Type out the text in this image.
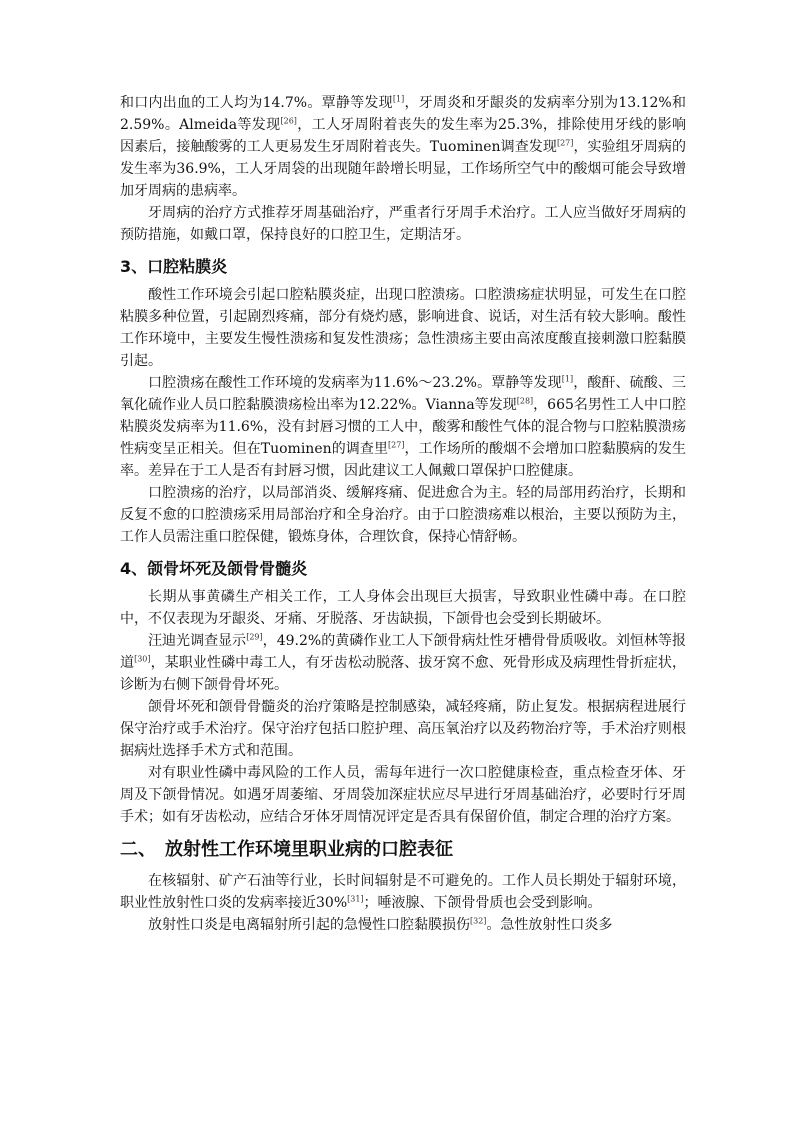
和口内出血的工人均为14.7%。覃静等发现[1]，牙周炎和牙龈炎的发病率分别为13.12%和2.59%。Almeida等发现[26]，工人牙周附着丧失的发生率为25.3%，排除使用牙线的影响因素后，接触酸雾的工人更易发生牙周附着丧失。Tuominen调查发现[27]，实验组牙周病的发生率为36.9%，工人牙周袋的出现随年龄增长明显，工作场所空气中的酸烟可能会导致增加牙周病的患病率。

牙周病的治疗方式推荐牙周基础治疗，严重者行牙周手术治疗。工人应当做好牙周病的预防措施，如戴口罩，保持良好的口腔卫生，定期洁牙。

3、口腔粘膜炎

酸性工作环境会引起口腔粘膜炎症，出现口腔溃疡。口腔溃疡症状明显，可发生在口腔粘膜多种位置，引起剧烈疼痛，部分有烧灼感，影响进食、说话，对生活有较大影响。酸性工作环境中，主要发生慢性溃疡和复发性溃疡；急性溃疡主要由高浓度酸直接刺激口腔黏膜引起。

口腔溃疡在酸性工作环境的发病率为11.6%～23.2%。覃静等发现[1]，酸酐、硫酸、三氧化硫作业人员口腔黏膜溃疡检出率为12.22%。Vianna等发现[28]，665名男性工人中口腔粘膜炎发病率为11.6%，没有封唇习惯的工人中，酸雾和酸性气体的混合物与口腔粘膜溃疡性病变呈正相关。但在Tuominen的调查里[27]，工作场所的酸烟不会增加口腔黏膜病的发生率。差异在于工人是否有封唇习惯，因此建议工人佩戴口罩保护口腔健康。

口腔溃疡的治疗，以局部消炎、缓解疼痛、促进愈合为主。轻的局部用药治疗，长期和反复不愈的口腔溃疡采用局部治疗和全身治疗。由于口腔溃疡难以根治，主要以预防为主，工作人员需注重口腔保健，锻炼身体，合理饮食，保持心情舒畅。

4、颌骨坏死及颌骨骨髓炎

长期从事黄磷生产相关工作，工人身体会出现巨大损害，导致职业性磷中毒。在口腔中，不仅表现为牙龈炎、牙痛、牙脱落、牙齿缺损，下颌骨也会受到长期破坏。

汪迪光调查显示[29]，49.2%的黄磷作业工人下颌骨病灶性牙槽骨骨质吸收。刘恒林等报道[30]，某职业性磷中毒工人，有牙齿松动脱落、拔牙窝不愈、死骨形成及病理性骨折症状，诊断为右侧下颌骨骨坏死。

颌骨坏死和颌骨骨髓炎的治疗策略是控制感染，减轻疼痛，防止复发。根据病程进展行保守治疗或手术治疗。保守治疗包括口腔护理、高压氧治疗以及药物治疗等，手术治疗则根据病灶选择手术方式和范围。

对有职业性磷中毒风险的工作人员，需每年进行一次口腔健康检查，重点检查牙体、牙周及下颌骨情况。如遇牙周萎缩、牙周袋加深症状应尽早进行牙周基础治疗，必要时行牙周手术；如有牙齿松动，应结合牙体牙周情况评定是否具有保留价值，制定合理的治疗方案。

二、　放射性工作环境里职业病的口腔表征

在核辐射、矿产石油等行业，长时间辐射是不可避免的。工作人员长期处于辐射环境，职业性放射性口炎的发病率接近30%[31]；唾液腺、下颌骨骨质也会受到影响。

放射性口炎是电离辐射所引起的急慢性口腔黏膜损伤[32]。急性放射性口炎多
